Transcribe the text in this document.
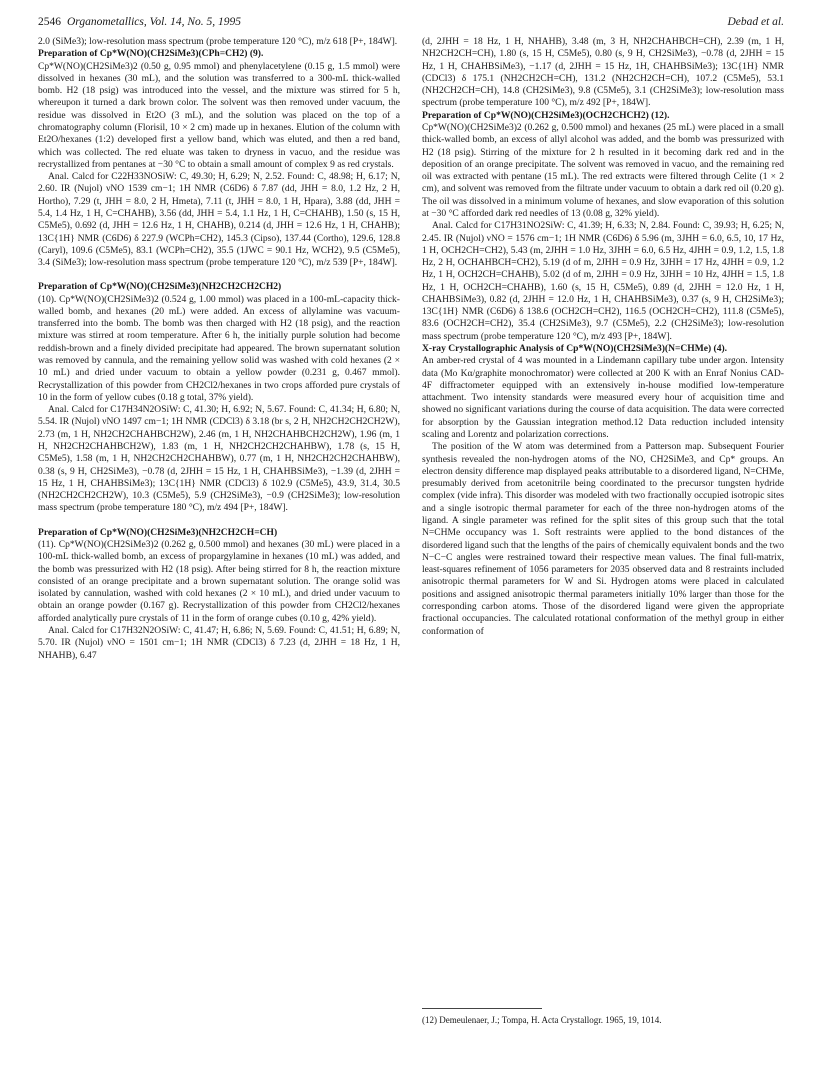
2546 Organometallics, Vol. 14, No. 5, 1995	Debad et al.

2.0 (SiMe3); low-resolution mass spectrum (probe temperature 120 °C), m/z 618 [P+, 184W].

Preparation of Cp*W(NO)(CH2SiMe3)(CPh=CH2) (9).

Cp*W(NO)(CH2SiMe3)2 (0.50 g, 0.95 mmol) and phenylacetylene (0.15 g, 1.5 mmol) were dissolved in hexanes (30 mL), and the solution was transferred to a 300-mL thick-walled bomb. H2 (18 psig) was introduced into the vessel, and the mixture was stirred for 5 h, whereupon it turned a dark brown color. The solvent was then removed under vacuum, the residue was dissolved in Et2O (3 mL), and the solution was placed on the top of a chromatography column (Florisil, 10 × 2 cm) made up in hexanes. Elution of the column with Et2O/hexanes (1:2) developed first a yellow band, which was eluted, and then a red band, which was collected. The red eluate was taken to dryness in vacuo, and the residue was recrystallized from pentanes at −30 °C to obtain a small amount of complex 9 as red crystals.

Anal. Calcd for C22H33NOSiW: C, 49.30; H, 6.29; N, 2.52. Found: C, 48.98; H, 6.17; N, 2.60. IR (Nujol) νNO 1539 cm−1; 1H NMR (C6D6) δ 7.87 (dd, JHH = 8.0, 1.2 Hz, 2 H, Hortho), 7.29 (t, JHH = 8.0, 2 H, Hmeta), 7.11 (t, JHH = 8.0, 1 H, Hpara), 3.88 (dd, JHH = 5.4, 1.4 Hz, 1 H, C=CHAHB), 3.56 (dd, JHH = 5.4, 1.1 Hz, 1 H, C=CHAHB), 1.50 (s, 15 H, C5Me5), 0.692 (d, JHH = 12.6 Hz, 1 H, CHAHB), 0.214 (d, JHH = 12.6 Hz, 1 H, CHAHB); 13C{1H} NMR (C6D6) δ 227.9 (WCPh=CH2), 145.3 (Cipso), 137.44 (Cortho), 129.6, 128.8 (Caryl), 109.6 (C5Me5), 83.1 (WCPh=CH2), 35.5 (1JWC = 90.1 Hz, WCH2), 9.5 (C5Me5), 3.4 (SiMe3); low-resolution mass spectrum (probe temperature 120 °C), m/z 539 [P+, 184W].

Preparation of Cp*W(NO)(CH2SiMe3)(NH2CH2CH2CH2)

(10). Cp*W(NO)(CH2SiMe3)2 (0.524 g, 1.00 mmol) was placed in a 100-mL-capacity thick-walled bomb, and hexanes (20 mL) were added. An excess of allylamine was vacuum-transferred into the bomb. The bomb was then charged with H2 (18 psig), and the reaction mixture was stirred at room temperature. After 6 h, the initially purple solution had become reddish-brown and a finely divided precipitate had appeared. The brown supernatant solution was removed by cannula, and the remaining yellow solid was washed with cold hexanes (2 × 10 mL) and dried under vacuum to obtain a yellow powder (0.231 g, 0.467 mmol). Recrystallization of this powder from CH2Cl2/hexanes in two crops afforded pure crystals of 10 in the form of yellow cubes (0.18 g total, 37% yield).

Anal. Calcd for C17H34N2OSiW: C, 41.30; H, 6.92; N, 5.67. Found: C, 41.34; H, 6.80; N, 5.54. IR (Nujol) νNO 1497 cm−1; 1H NMR (CDCl3) δ 3.18 (br s, 2 H, NH2CH2CH2CH2W), 2.73 (m, 1 H, NH2CH2CHAHBCH2W), 2.46 (m, 1 H, NH2CHAHBCH2CH2W), 1.96 (m, 1 H, NH2CH2CHAHBCH2W), 1.83 (m, 1 H, NH2CH2CH2CHAHBW), 1.78 (s, 15 H, C5Me5), 1.58 (m, 1 H, NH2CH2CH2CHAHBW), 0.77 (m, 1 H, NH2CH2CH2CHAHBW), 0.38 (s, 9 H, CH2SiMe3), −0.78 (d, 2JHH = 15 Hz, 1 H, CHAHBSiMe3), −1.39 (d, 2JHH = 15 Hz, 1 H, CHAHBSiMe3); 13C{1H} NMR (CDCl3) δ 102.9 (C5Me5), 43.9, 31.4, 30.5 (NH2CH2CH2CH2W), 10.3 (C5Me5), 5.9 (CH2SiMe3), −0.9 (CH2SiMe3); low-resolution mass spectrum (probe temperature 180 °C), m/z 494 [P+, 184W].

Preparation of Cp*W(NO)(CH2SiMe3)(NH2CH2CH=CH)

(11). Cp*W(NO)(CH2SiMe3)2 (0.262 g, 0.500 mmol) and hexanes (30 mL) were placed in a 100-mL thick-walled bomb, an excess of propargylamine in hexanes (10 mL) was added, and the bomb was pressurized with H2 (18 psig). After being stirred for 8 h, the reaction mixture consisted of an orange precipitate and a brown supernatant solution. The orange solid was isolated by cannulation, washed with cold hexanes (2 × 10 mL), and dried under vacuum to obtain an orange powder (0.167 g). Recrystallization of this powder from CH2Cl2/hexanes afforded analytically pure crystals of 11 in the form of orange cubes (0.10 g, 42% yield).

Anal. Calcd for C17H32N2OSiW: C, 41.47; H, 6.86; N, 5.69. Found: C, 41.51; H, 6.89; N, 5.70. IR (Nujol) νNO = 1501 cm−1; 1H NMR (CDCl3) δ 7.23 (d, 2JHH = 18 Hz, 1 H, NHAHB), 6.47

(d, 2JHH = 18 Hz, 1 H, NHAHB), 3.48 (m, 3 H, NH2CHAHBCH=CH), 2.39 (m, 1 H, NH2CH2CH=CH), 1.80 (s, 15 H, C5Me5), 0.80 (s, 9 H, CH2SiMe3), −0.78 (d, 2JHH = 15 Hz, 1 H, CHAHBSiMe3), −1.17 (d, 2JHH = 15 Hz, 1H, CHAHBSiMe3); 13C{1H} NMR (CDCl3) δ 175.1 (NH2CH2CH=CH), 131.2 (NH2CH2CH=CH), 107.2 (C5Me5), 53.1 (NH2CH2CH=CH), 14.8 (CH2SiMe3), 9.8 (C5Me5), 3.1 (CH2SiMe3); low-resolution mass spectrum (probe temperature 100 °C), m/z 492 [P+, 184W].

Preparation of Cp*W(NO)(CH2SiMe3)(OCH2CHCH2) (12).

Cp*W(NO)(CH2SiMe3)2 (0.262 g, 0.500 mmol) and hexanes (25 mL) were placed in a small thick-walled bomb, an excess of allyl alcohol was added, and the bomb was pressurized with H2 (18 psig). Stirring of the mixture for 2 h resulted in it becoming dark red and in the deposition of an orange precipitate. The solvent was removed in vacuo, and the remaining red oil was extracted with pentane (15 mL). The red extracts were filtered through Celite (1 × 2 cm), and solvent was removed from the filtrate under vacuum to obtain a dark red oil (0.20 g). The oil was dissolved in a minimum volume of hexanes, and slow evaporation of this solution at −30 °C afforded dark red needles of 13 (0.08 g, 32% yield).

Anal. Calcd for C17H31NO2SiW: C, 41.39; H, 6.33; N, 2.84. Found: C, 39.93; H, 6.25; N, 2.45. IR (Nujol) νNO = 1576 cm−1; 1H NMR (C6D6) δ 5.96 (m, 3JHH = 6.0, 6.5, 10, 17 Hz, 1 H, OCH2CH=CH2), 5.43 (m, 2JHH = 1.0 Hz, 3JHH = 6.0, 6.5 Hz, 4JHH = 0.9, 1.2, 1.5, 1.8 Hz, 2 H, OCHAHBCH=CH2), 5.19 (d of m, 2JHH = 0.9 Hz, 3JHH = 17 Hz, 4JHH = 0.9, 1.2 Hz, 1 H, OCH2CH=CHAHB), 5.02 (d of m, 2JHH = 0.9 Hz, 3JHH = 10 Hz, 4JHH = 1.5, 1.8 Hz, 1 H, OCH2CH=CHAHB), 1.60 (s, 15 H, C5Me5), 0.89 (d, 2JHH = 12.0 Hz, 1 H, CHAHBSiMe3), 0.82 (d, 2JHH = 12.0 Hz, 1 H, CHAHBSiMe3), 0.37 (s, 9 H, CH2SiMe3); 13C{1H} NMR (C6D6) δ 138.6 (OCH2CH=CH2), 116.5 (OCH2CH=CH2), 111.8 (C5Me5), 83.6 (OCH2CH=CH2), 35.4 (CH2SiMe3), 9.7 (C5Me5), 2.2 (CH2SiMe3); low-resolution mass spectrum (probe temperature 120 °C), m/z 493 [P+, 184W].

X-ray Crystallographic Analysis of Cp*W(NO)(CH2SiMe3)(N=CHMe) (4).

An amber-red crystal of 4 was mounted in a Lindemann capillary tube under argon. Intensity data (Mo Kα/graphite monochromator) were collected at 200 K with an Enraf Nonius CAD-4F diffractometer equipped with an extensively in-house modified low-temperature attachment. Two intensity standards were measured every hour of acquisition time and showed no significant variations during the course of data acquisition. The data were corrected for absorption by the Gaussian integration method.12 Data reduction included intensity scaling and Lorentz and polarization corrections.

The position of the W atom was determined from a Patterson map. Subsequent Fourier synthesis revealed the non-hydrogen atoms of the NO, CH2SiMe3, and Cp* groups. An electron density difference map displayed peaks attributable to a disordered ligand, N=CHMe, presumably derived from acetonitrile being coordinated to the precursor tungsten hydride complex (vide infra). This disorder was modeled with two fractionally occupied isotropic sites and a single isotropic thermal parameter for each of the three non-hydrogen atoms of the ligand. A single parameter was refined for the split sites of this group such that the total N=CHMe occupancy was 1. Soft restraints were applied to the bond distances of the disordered ligand such that the lengths of the pairs of chemically equivalent bonds and the two N−C−C angles were restrained toward their respective mean values. The final full-matrix, least-squares refinement of 1056 parameters for 2035 observed data and 8 restraints included anisotropic thermal parameters for W and Si. Hydrogen atoms were placed in calculated positions and assigned anisotropic thermal parameters initially 10% larger than those for the corresponding carbon atoms. Those of the disordered ligand were given the appropriate fractional occupancies. The calculated rotational conformation of the methyl group in either conformation of

(12) Demeulenaer, J.; Tompa, H. Acta Crystallogr. 1965, 19, 1014.
